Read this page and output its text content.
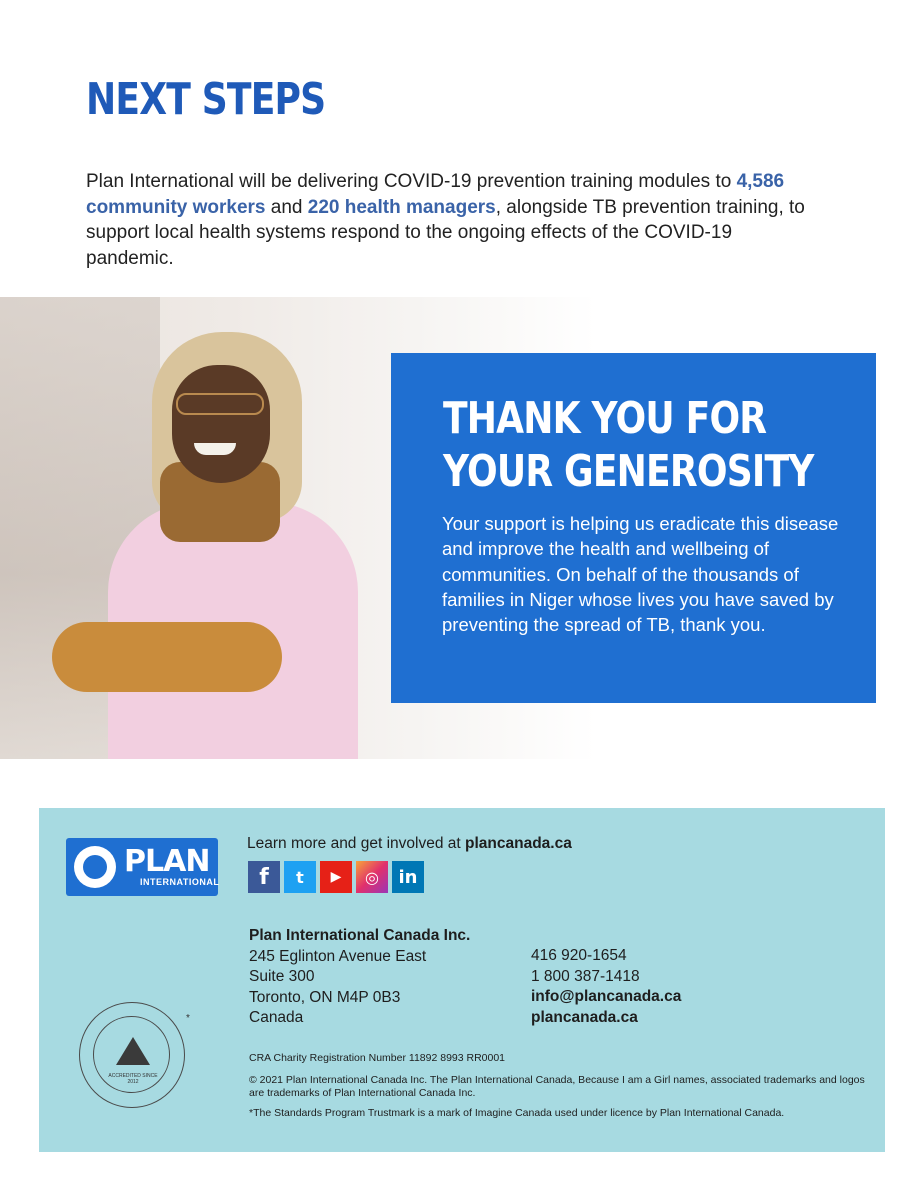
NEXT STEPS

Plan International will be delivering COVID-19 prevention training modules to 4,586 community workers and 220 health managers, alongside TB prevention training, to support local health systems respond to the ongoing effects of the COVID-19 pandemic.

THANK YOU FOR
YOUR GENEROSITY

Your support is helping us eradicate this disease and improve the health and wellbeing of communities. On behalf of the thousands of families in Niger whose lives you have saved by preventing the spread of TB, thank you.

PLAN
INTERNATIONAL
Learn more and get involved at plancanada.ca
f	t	▶	◎	in
Plan International Canada Inc.
245 Eglinton Avenue East
Suite 300
Toronto, ON M4P 0B3
Canada
416 920-1654
1 800 387-1418
info@plancanada.ca
plancanada.ca
ACCREDITED SINCE 2012
*
CRA Charity Registration Number 11892 8993 RR0001
© 2021 Plan International Canada Inc. The Plan International Canada, Because I am a Girl names, associated trademarks and logos are trademarks of Plan International Canada Inc.
*The Standards Program Trustmark is a mark of Imagine Canada used under licence by Plan International Canada.
